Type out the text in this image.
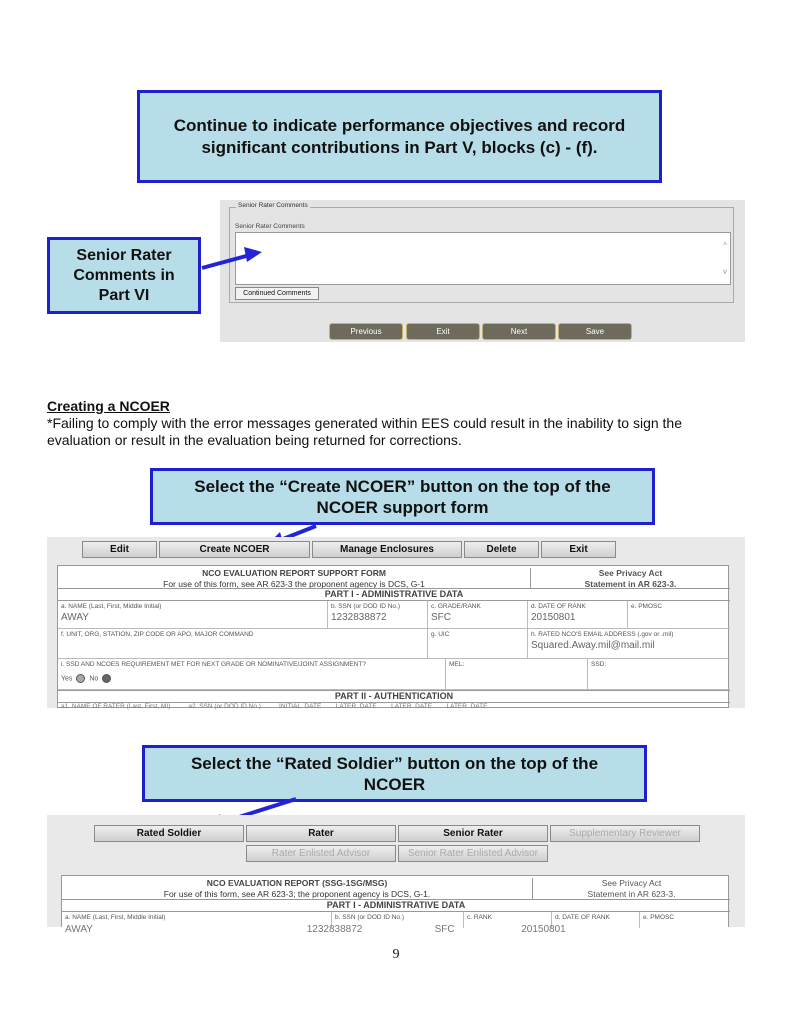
Continue to indicate performance objectives and record
significant contributions in Part V, blocks (c) - (f).
Senior Rater Comments
Senior Rater Comments
^
v
Continued Comments
Previous	Exit	Next	Save
Senior Rater
Comments in
Part VI
Creating a NCOER
*Failing to comply with the error messages generated within EES could result in the inability to sign the evaluation or result in the evaluation being returned for corrections.
Select the “Create NCOER” button on the top of the
NCOER support form
Edit	Create NCOER	Manage Enclosures	Delete	Exit
NCO EVALUATION REPORT SUPPORT FORM
For use of this form, see AR 623-3 the proponent agency is DCS, G-1
See Privacy Act
Statement in AR 623-3.
PART I - ADMINISTRATIVE DATA
a. NAME (Last, First, Middle Initial)
AWAY
b. SSN (or DOD ID No.)
1232838872
c. GRADE/RANK
SFC
d. DATE OF RANK
20150801
e. PMOSC
f. UNIT, ORG, STATION, ZIP CODE OR APO, MAJOR COMMAND	g. UIC	h. RATED NCO'S EMAIL ADDRESS (.gov or .mil)
Squared.Away.mil@mail.mil
i. SSD AND NCOES REQUIREMENT MET FOR NEXT GRADE OR NOMINATIVE/JOINT ASSIGNMENT?
Yes No
MEL:	SSD:
PART II - AUTHENTICATION
a1. NAME OF RATER (Last, First, MI)          a2. SSN (or DOD ID No.)          INITIAL  DATE        LATER  DATE        LATER  DATE        LATER  DATE
Select the “Rated Soldier” button on the top of the
NCOER
Rated Soldier	Rater	Senior Rater	Supplementary Reviewer
Rater Enlisted Advisor	Senior Rater Enlisted Advisor
NCO EVALUATION REPORT (SSG-1SG/MSG)
For use of this form, see AR 623-3; the proponent agency is DCS, G-1.
See Privacy Act
Statement in AR 623-3.
PART I - ADMINISTRATIVE DATA
a. NAME (Last, First, Middle Initial)	b. SSN (or DOD ID No.)	c. RANK	d. DATE OF RANK	e. PMOSC
AWAY                                                                             1232838872                          SFC                        20150801
9
